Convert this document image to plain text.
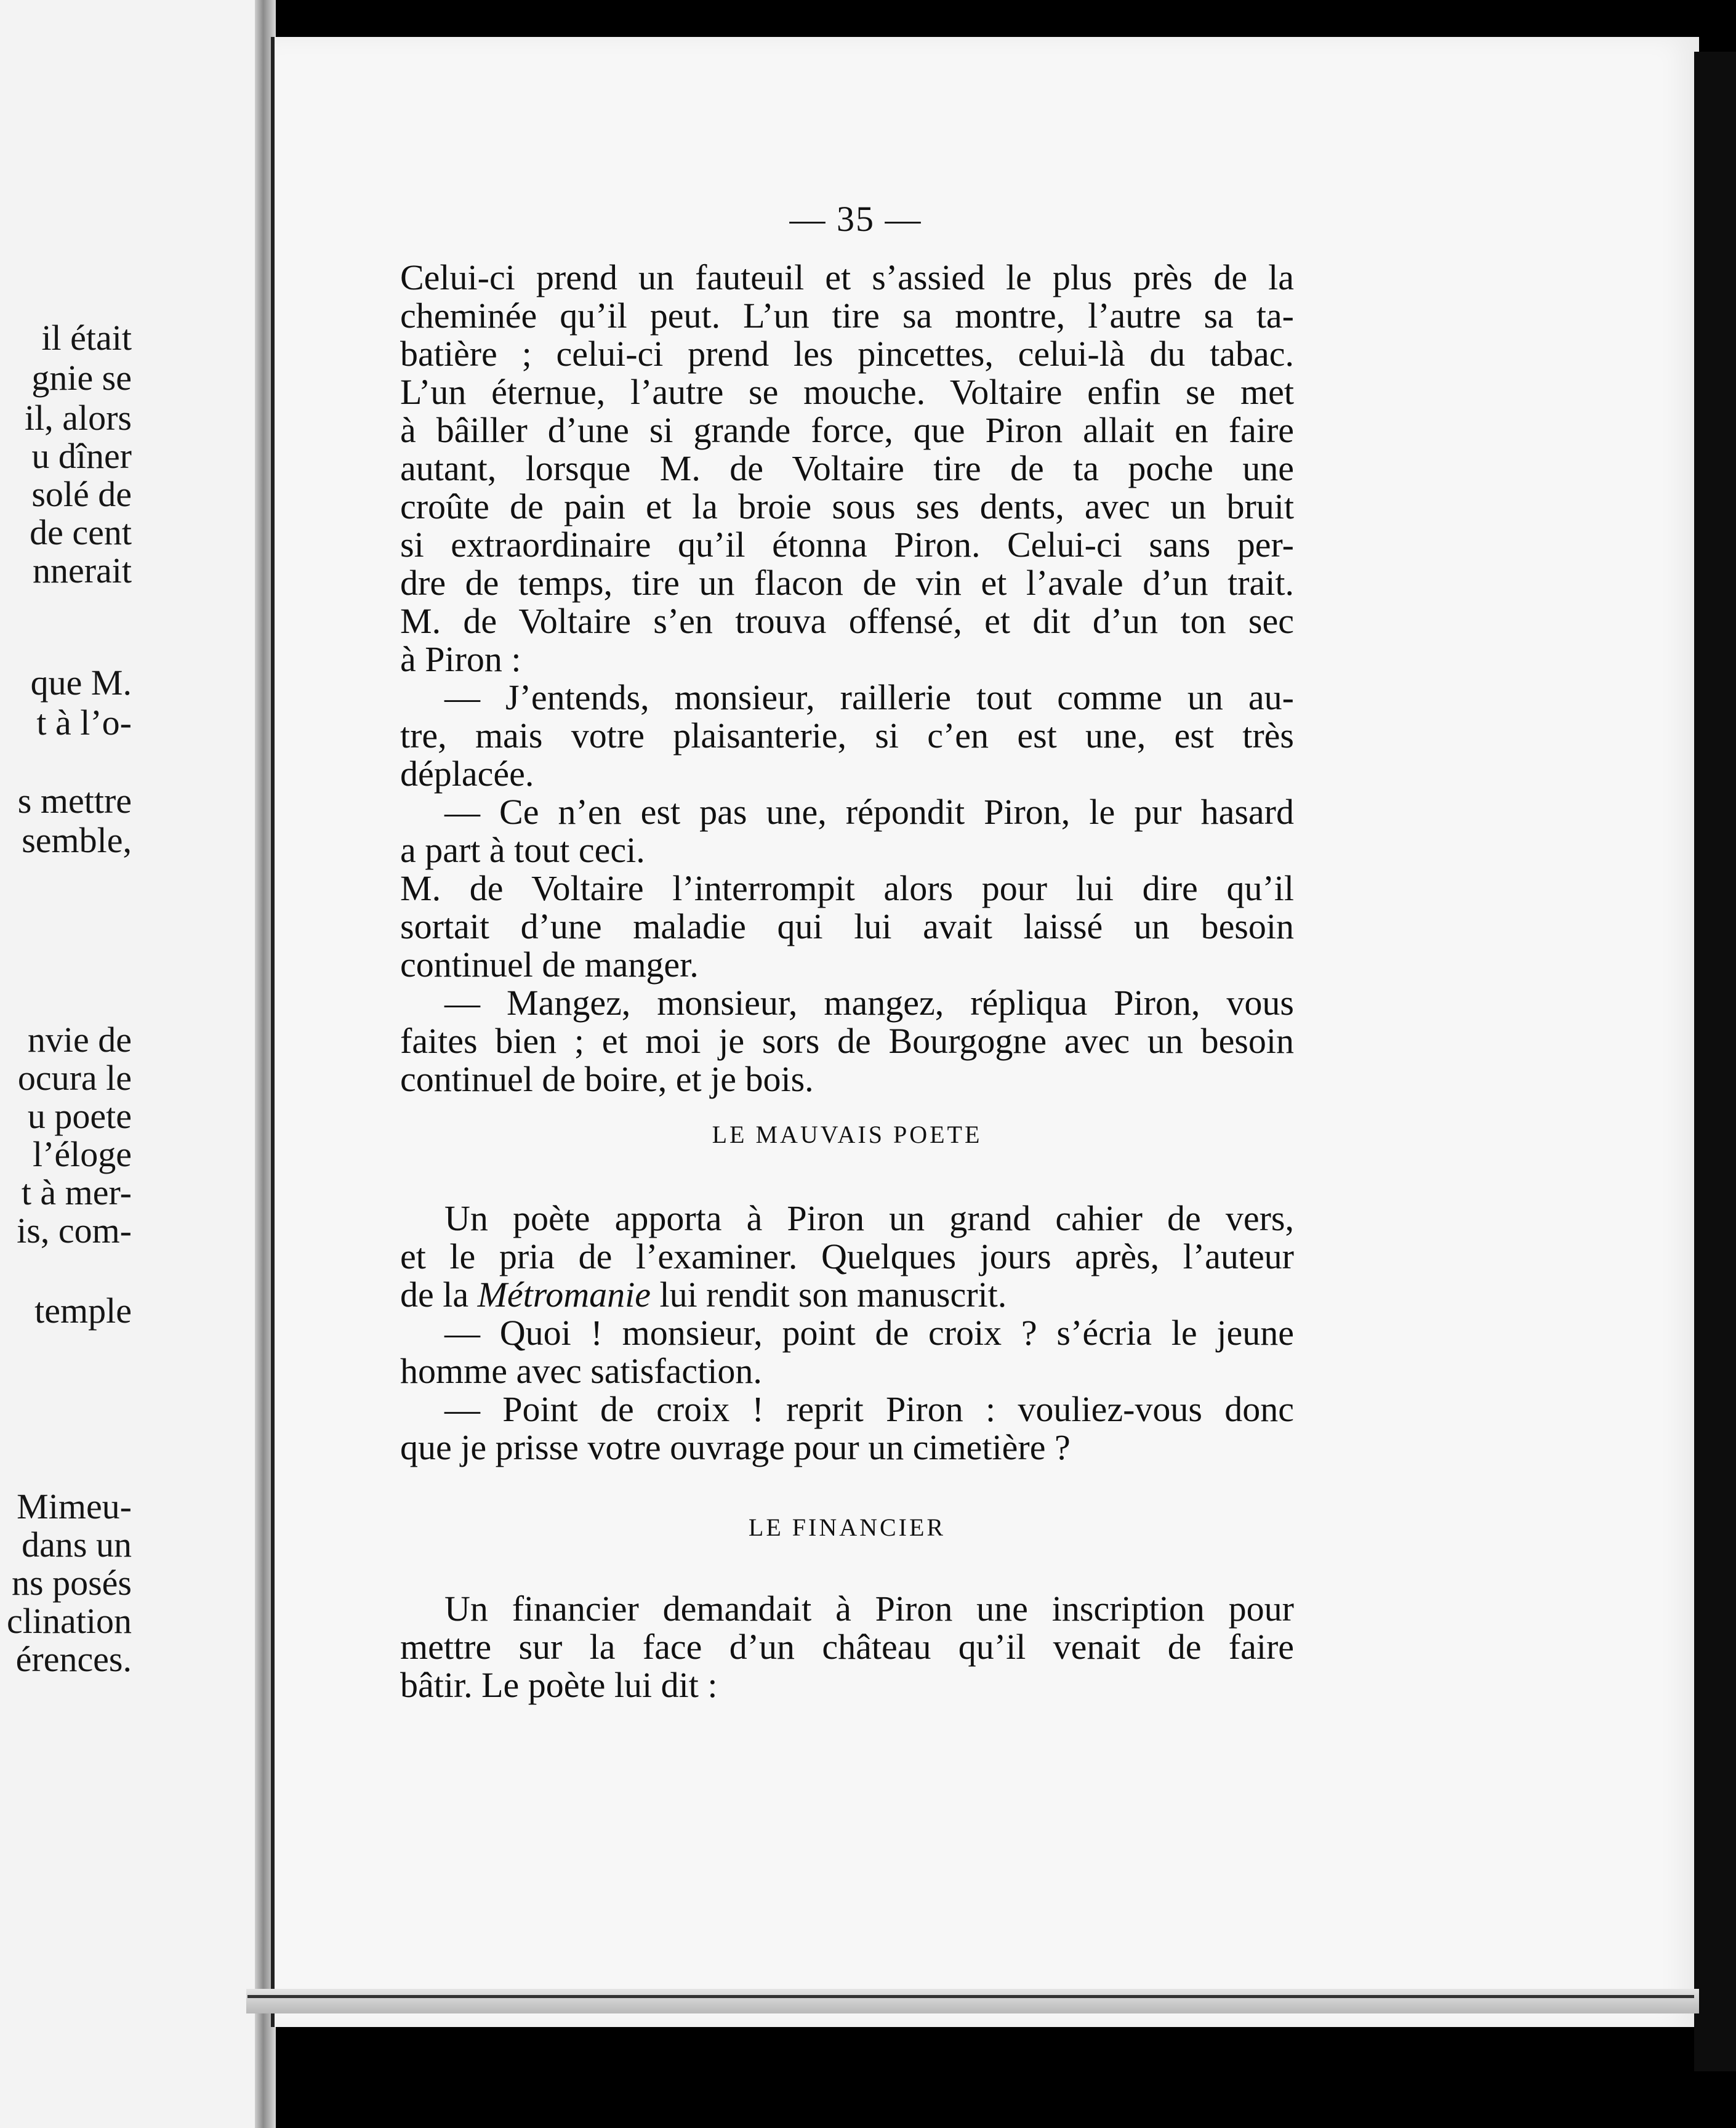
il était
gnie se
il, alors
u dîner
solé de
de cent
nnerait
que M.
t à l’o-
s mettre
semble,
nvie de
ocura le
u poete
l’éloge
t à mer-
is, com-
temple
Mimeu-
dans un
ns posés
clination
érences.
— 35 —
Celui-ci prend un fauteuil et s’assied le plus près de la
cheminée qu’il peut. L’un tire sa montre, l’autre sa ta-
batière ; celui-ci prend les pincettes, celui-là du tabac.
L’un éternue, l’autre se mouche. Voltaire enfin se met
à bâiller d’une si grande force, que Piron allait en faire
autant, lorsque M. de Voltaire tire de ta poche une
croûte de pain et la broie sous ses dents, avec un bruit
si extraordinaire qu’il étonna Piron. Celui-ci sans per-
dre de temps, tire un flacon de vin et l’avale d’un trait.
M. de Voltaire s’en trouva offensé, et dit d’un ton sec
à Piron :
— J’entends, monsieur, raillerie tout comme un au-
tre, mais votre plaisanterie, si c’en est une, est très
déplacée.
— Ce n’en est pas une, répondit Piron, le pur hasard
a part à tout ceci.
M. de Voltaire l’interrompit alors pour lui dire qu’il
sortait d’une maladie qui lui avait laissé un besoin
continuel de manger.
— Mangez, monsieur, mangez, répliqua Piron, vous
faites bien ; et moi je sors de Bourgogne avec un besoin
continuel de boire, et je bois.
LE MAUVAIS POETE
Un poète apporta à Piron un grand cahier de vers,
et le pria de l’examiner. Quelques jours après, l’auteur
de la Métromanie lui rendit son manuscrit.
— Quoi ! monsieur, point de croix ? s’écria le jeune
homme avec satisfaction.
— Point de croix ! reprit Piron : vouliez-vous donc
que je prisse votre ouvrage pour un cimetière ?
LE FINANCIER
Un financier demandait à Piron une inscription pour
mettre sur la face d’un château qu’il venait de faire
bâtir. Le poète lui dit :
